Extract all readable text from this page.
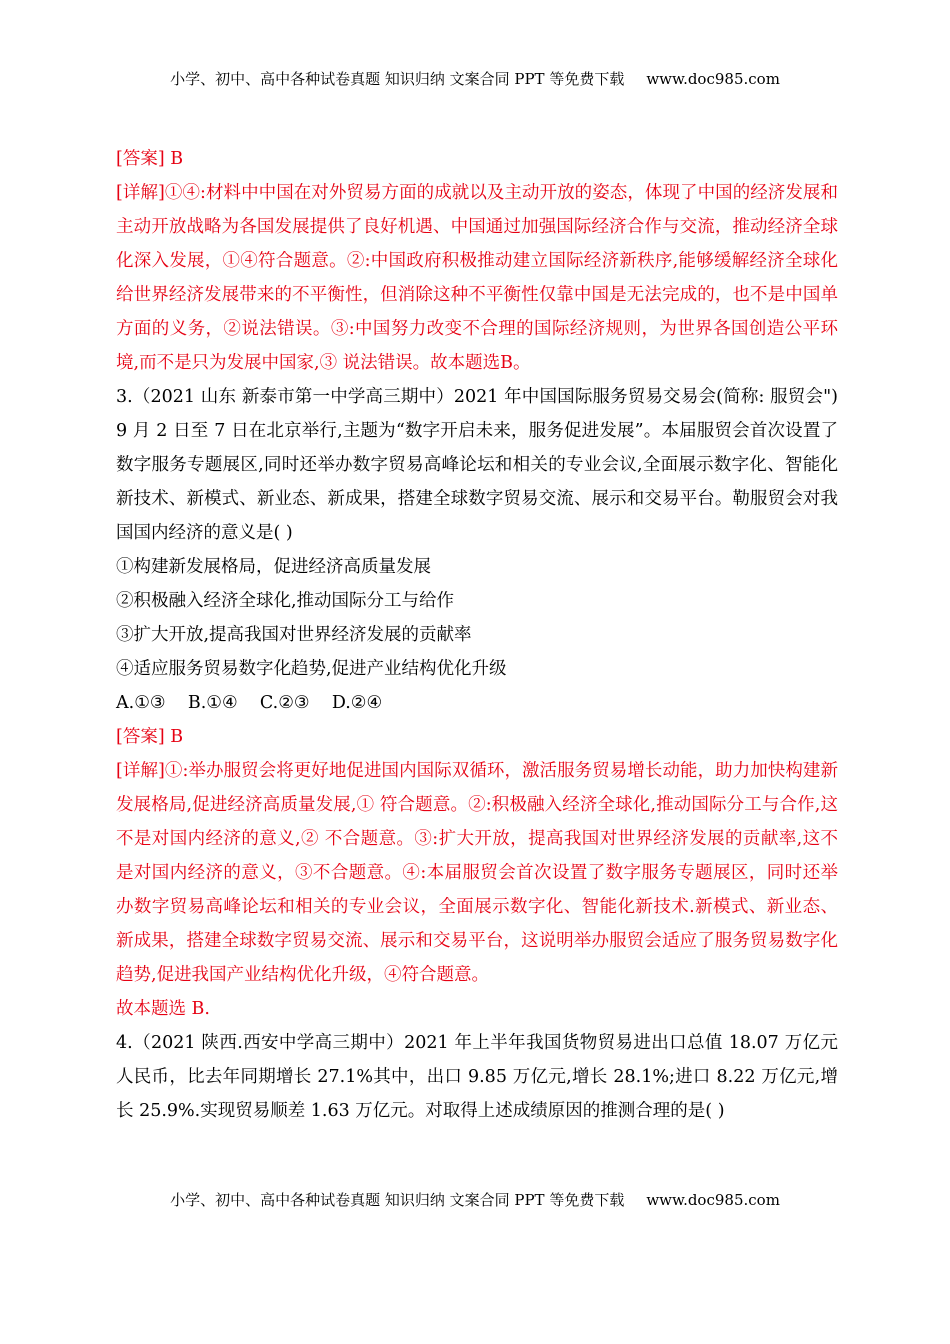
小学、初中、高中各种试卷真题 知识归纳 文案合同 PPT 等免费下载 www.doc985.com

[答案] B

[详解]①④:材料中中国在对外贸易方面的成就以及主动开放的姿态，体现了中国的经济发展和主动开放战略为各国发展提供了良好机遇、中国通过加强国际经济合作与交流，推动经济全球化深入发展，①④符合题意。②:中国政府积极推动建立国际经济新秩序,能够缓解经济全球化给世界经济发展带来的不平衡性，但消除这种不平衡性仅靠中国是无法完成的，也不是中国单方面的义务，②说法错误。③:中国努力改变不合理的国际经济规则，为世界各国创造公平环境,而不是只为发展中国家,③ 说法错误。故本题选B。

3.（2021 山东 新泰市第一中学高三期中）2021 年中国国际服务贸易交易会(简称: 服贸会") 9 月 2 日至 7 日在北京举行,主题为“数字开启未来，服务促进发展”。本届服贸会首次设置了数字服务专题展区,同时还举办数字贸易高峰论坛和相关的专业会议,全面展示数字化、智能化新技术、新模式、新业态、新成果，搭建全球数字贸易交流、展示和交易平台。勒服贸会对我国国内经济的意义是( )

①构建新发展格局，促进经济高质量发展

②积极融入经济全球化,推动国际分工与给作

③扩大开放,提高我国对世界经济发展的贡献率

④适应服务贸易数字化趋势,促进产业结构优化升级

A.①③    B.①④    C.②③    D.②④

[答案] B

[详解]①:举办服贸会将更好地促进国内国际双循环，激活服务贸易增长动能，助力加快构建新发展格局,促进经济高质量发展,① 符合题意。②:积极融入经济全球化,推动国际分工与合作,这不是对国内经济的意义,② 不合题意。③:扩大开放，提高我国对世界经济发展的贡献率,这不是对国内经济的意义，③不合题意。④:本届服贸会首次设置了数字服务专题展区，同时还举办数字贸易高峰论坛和相关的专业会议，全面展示数字化、智能化新技术.新模式、新业态、新成果，搭建全球数字贸易交流、展示和交易平台，这说明举办服贸会适应了服务贸易数字化趋势,促进我国产业结构优化升级，④符合题意。

故本题选 B.

4.（2021 陕西.西安中学高三期中）2021 年上半年我国货物贸易进出口总值 18.07 万亿元人民币，比去年同期增长 27.1%其中，出口 9.85 万亿元,增长 28.1%;进口 8.22 万亿元,增长 25.9%.实现贸易顺差 1.63 万亿元。对取得上述成绩原因的推测合理的是( )

小学、初中、高中各种试卷真题 知识归纳 文案合同 PPT 等免费下载 www.doc985.com
